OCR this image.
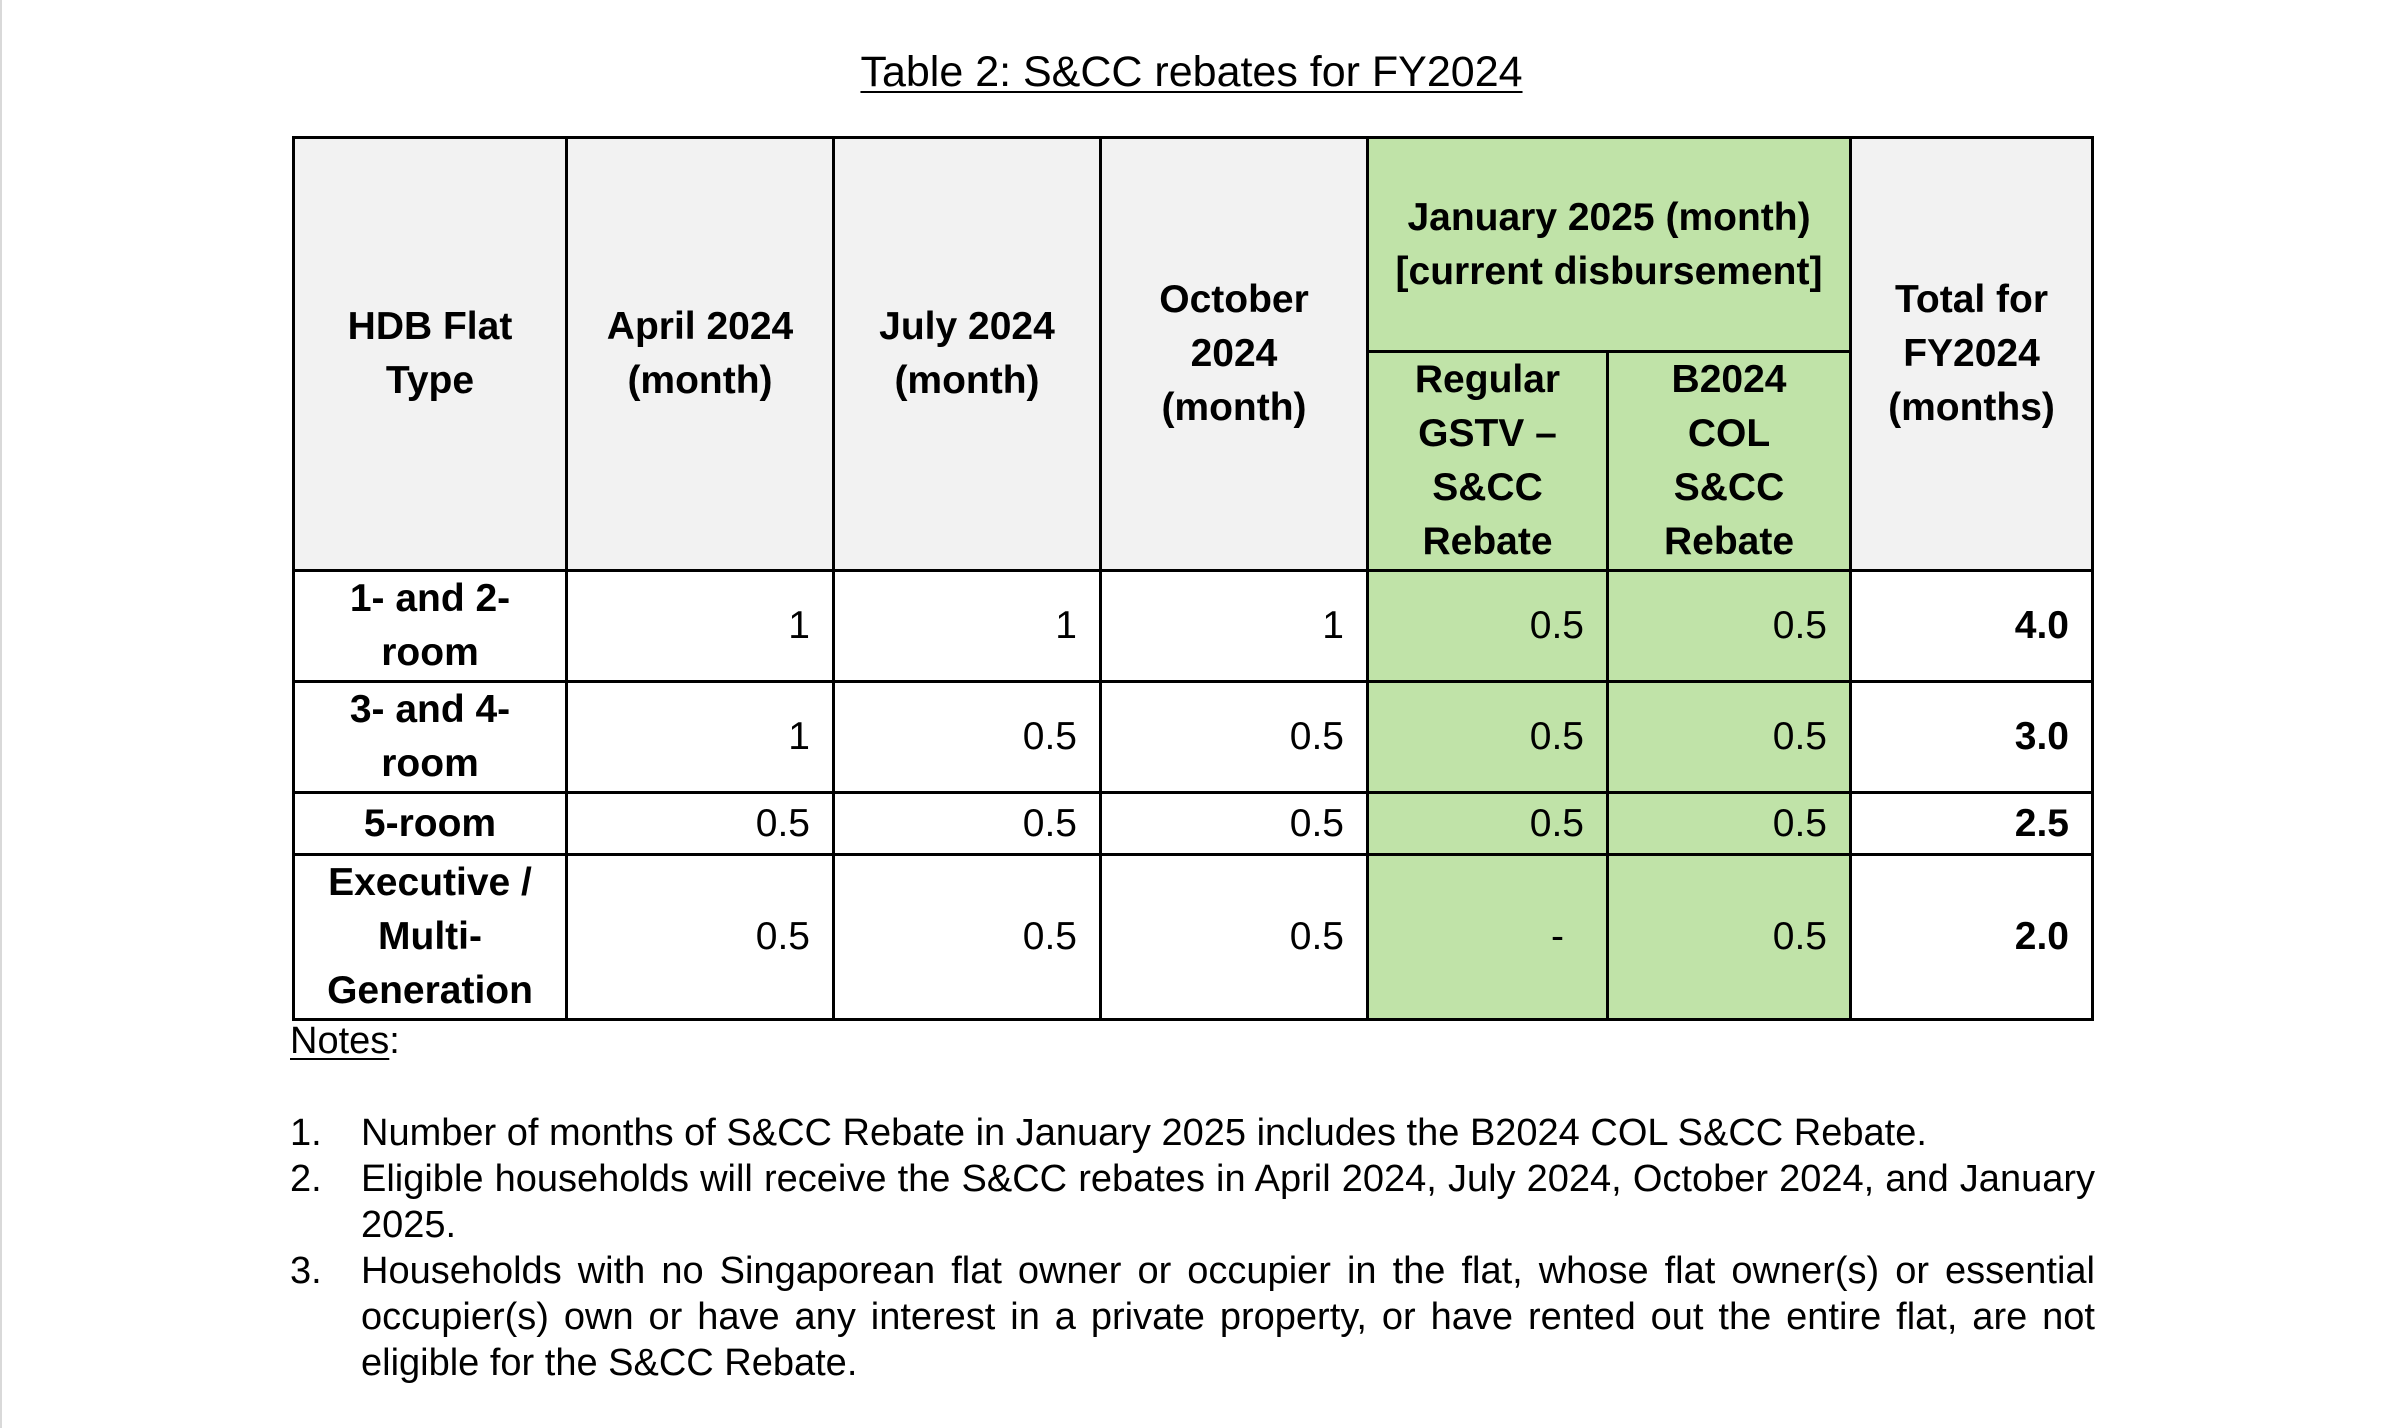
Table 2: S&CC rebates for FY2024
HDB Flat Type	April 2024 (month)	July 2024 (month)	October 2024 (month)	January 2025 (month) [current disbursement]		Total for FY2024 (months)
				Regular GSTV – S&CC Rebate	B2024 COL S&CC Rebate	
1- and 2-room	1	1	1	0.5	0.5	4.0
3- and 4-room	1	0.5	0.5	0.5	0.5	3.0
5-room	0.5	0.5	0.5	0.5	0.5	2.5
Executive / Multi-Generation	0.5	0.5	0.5	-	0.5	2.0
Notes:
1. Number of months of S&CC Rebate in January 2025 includes the B2024 COL S&CC Rebate.
2. Eligible households will receive the S&CC rebates in April 2024, July 2024, October 2024, and January 2025.
3. Households with no Singaporean flat owner or occupier in the flat, whose flat owner(s) or essential occupier(s) own or have any interest in a private property, or have rented out the entire flat, are not eligible for the S&CC Rebate.
